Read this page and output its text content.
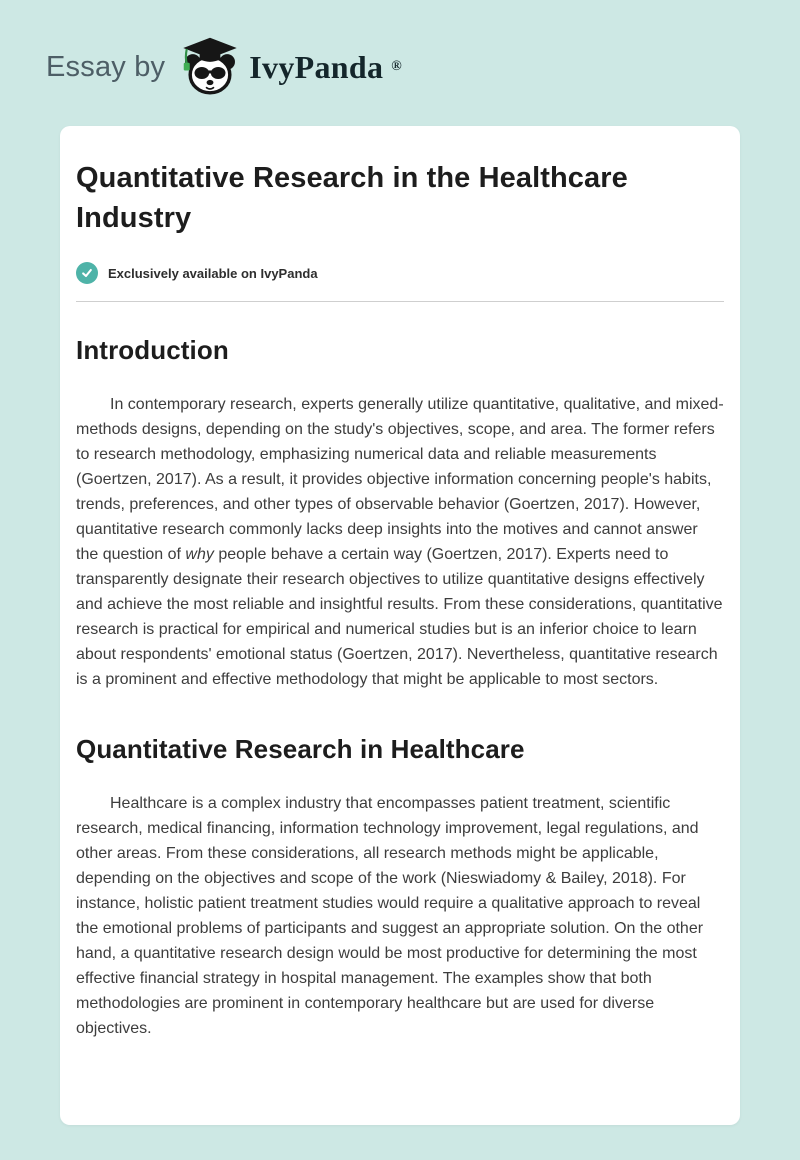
Essay by	IvyPanda ®
Quantitative Research in the Healthcare Industry
Exclusively available on IvyPanda
Introduction

In contemporary research, experts generally utilize quantitative, qualitative, and mixed-methods designs, depending on the study's objectives, scope, and area. The former refers to research methodology, emphasizing numerical data and reliable measurements (Goertzen, 2017). As a result, it provides objective information concerning people's habits, trends, preferences, and other types of observable behavior (Goertzen, 2017). However, quantitative research commonly lacks deep insights into the motives and cannot answer the question of why people behave a certain way (Goertzen, 2017). Experts need to transparently designate their research objectives to utilize quantitative designs effectively and achieve the most reliable and insightful results. From these considerations, quantitative research is practical for empirical and numerical studies but is an inferior choice to learn about respondents' emotional status (Goertzen, 2017). Nevertheless, quantitative research is a prominent and effective methodology that might be applicable to most sectors.

Quantitative Research in Healthcare

Healthcare is a complex industry that encompasses patient treatment, scientific research, medical financing, information technology improvement, legal regulations, and other areas. From these considerations, all research methods might be applicable, depending on the objectives and scope of the work (Nieswiadomy & Bailey, 2018). For instance, holistic patient treatment studies would require a qualitative approach to reveal the emotional problems of participants and suggest an appropriate solution. On the other hand, a quantitative research design would be most productive for determining the most effective financial strategy in hospital management. The examples show that both methodologies are prominent in contemporary healthcare but are used for diverse objectives.
